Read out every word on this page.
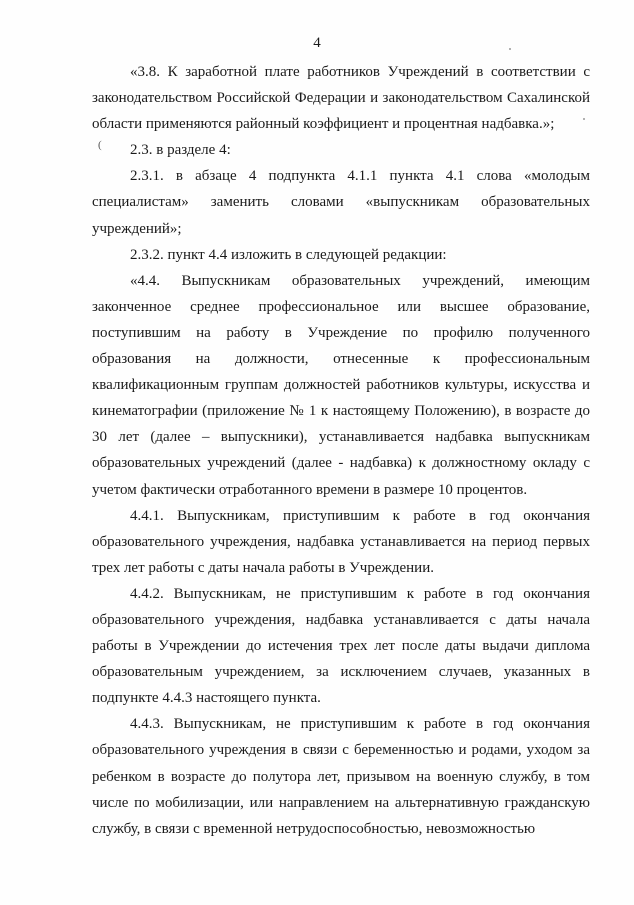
4
(

«3.8. К заработной плате работников Учреждений в соответствии с законодательством Российской Федерации и законодательством Сахалинской области применяются районный коэффициент и процентная надбавка.»;

2.3. в разделе 4:

2.3.1. в абзаце 4 подпункта 4.1.1 пункта 4.1 слова «молодым специалистам» заменить словами «выпускникам образовательных учреждений»;

2.3.2. пункт 4.4 изложить в следующей редакции:

«4.4. Выпускникам образовательных учреждений, имеющим законченное среднее профессиональное или высшее образование, поступившим на работу в Учреждение по профилю полученного образования на должности, отнесенные к профессиональным квалификационным группам должностей работников культуры, искусства и кинематографии (приложение № 1 к настоящему Положению), в возрасте до 30 лет (далее – выпускники), устанавливается надбавка выпускникам образовательных учреждений (далее - надбавка) к должностному окладу с учетом фактически отработанного времени в размере 10 процентов.

4.4.1. Выпускникам, приступившим к работе в год окончания образовательного учреждения, надбавка устанавливается на период первых трех лет работы с даты начала работы в Учреждении.

4.4.2. Выпускникам, не приступившим к работе в год окончания образовательного учреждения, надбавка устанавливается с даты начала работы в Учреждении до истечения трех лет после даты выдачи диплома образовательным учреждением, за исключением случаев, указанных в подпункте 4.4.3 настоящего пункта.

4.4.3. Выпускникам, не приступившим к работе в год окончания образовательного учреждения в связи с беременностью и родами, уходом за ребенком в возрасте до полутора лет, призывом на военную службу, в том числе по мобилизации, или направлением на альтернативную гражданскую службу, в связи с временной нетрудоспособностью, невозможностью
